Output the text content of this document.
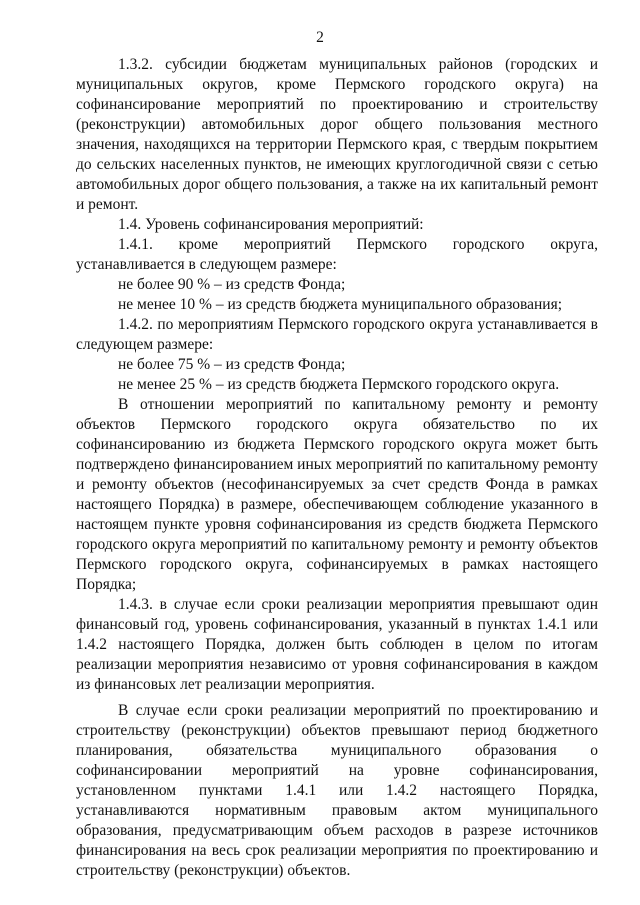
2

1.3.2. субсидии бюджетам муниципальных районов (городских и муниципальных округов, кроме Пермского городского округа) на софинансирование мероприятий по проектированию и строительству (реконструкции) автомобильных дорог общего пользования местного значения, находящихся на территории Пермского края, с твердым покрытием до сельских населенных пунктов, не имеющих круглогодичной связи с сетью автомобильных дорог общего пользования, а также на их капитальный ремонт и ремонт.

1.4. Уровень софинансирования мероприятий:

1.4.1. кроме мероприятий Пермского городского округа, устанавливается в следующем размере:

не более 90 % – из средств Фонда;

не менее 10 % – из средств бюджета муниципального образования;

1.4.2. по мероприятиям Пермского городского округа устанавливается в следующем размере:

не более 75 % – из средств Фонда;

не менее 25 % – из средств бюджета Пермского городского округа.

В отношении мероприятий по капитальному ремонту и ремонту объектов Пермского городского округа обязательство по их софинансированию из бюджета Пермского городского округа может быть подтверждено финансированием иных мероприятий по капитальному ремонту и ремонту объектов (несофинансируемых за счет средств Фонда в рамках настоящего Порядка) в размере, обеспечивающем соблюдение указанного в настоящем пункте уровня софинансирования из средств бюджета Пермского городского округа мероприятий по капитальному ремонту и ремонту объектов Пермского городского округа, софинансируемых в рамках настоящего Порядка;

1.4.3. в случае если сроки реализации мероприятия превышают один финансовый год, уровень софинансирования, указанный в пунктах 1.4.1 или 1.4.2 настоящего Порядка, должен быть соблюден в целом по итогам реализации мероприятия независимо от уровня софинансирования в каждом из финансовых лет реализации мероприятия.

В случае если сроки реализации мероприятий по проектированию и строительству (реконструкции) объектов превышают период бюджетного планирования, обязательства муниципального образования о софинансировании мероприятий на уровне софинансирования, установленном пунктами 1.4.1 или 1.4.2 настоящего Порядка, устанавливаются нормативным правовым актом муниципального образования, предусматривающим объем расходов в разрезе источников финансирования на весь срок реализации мероприятия по проектированию и строительству (реконструкции) объектов.
